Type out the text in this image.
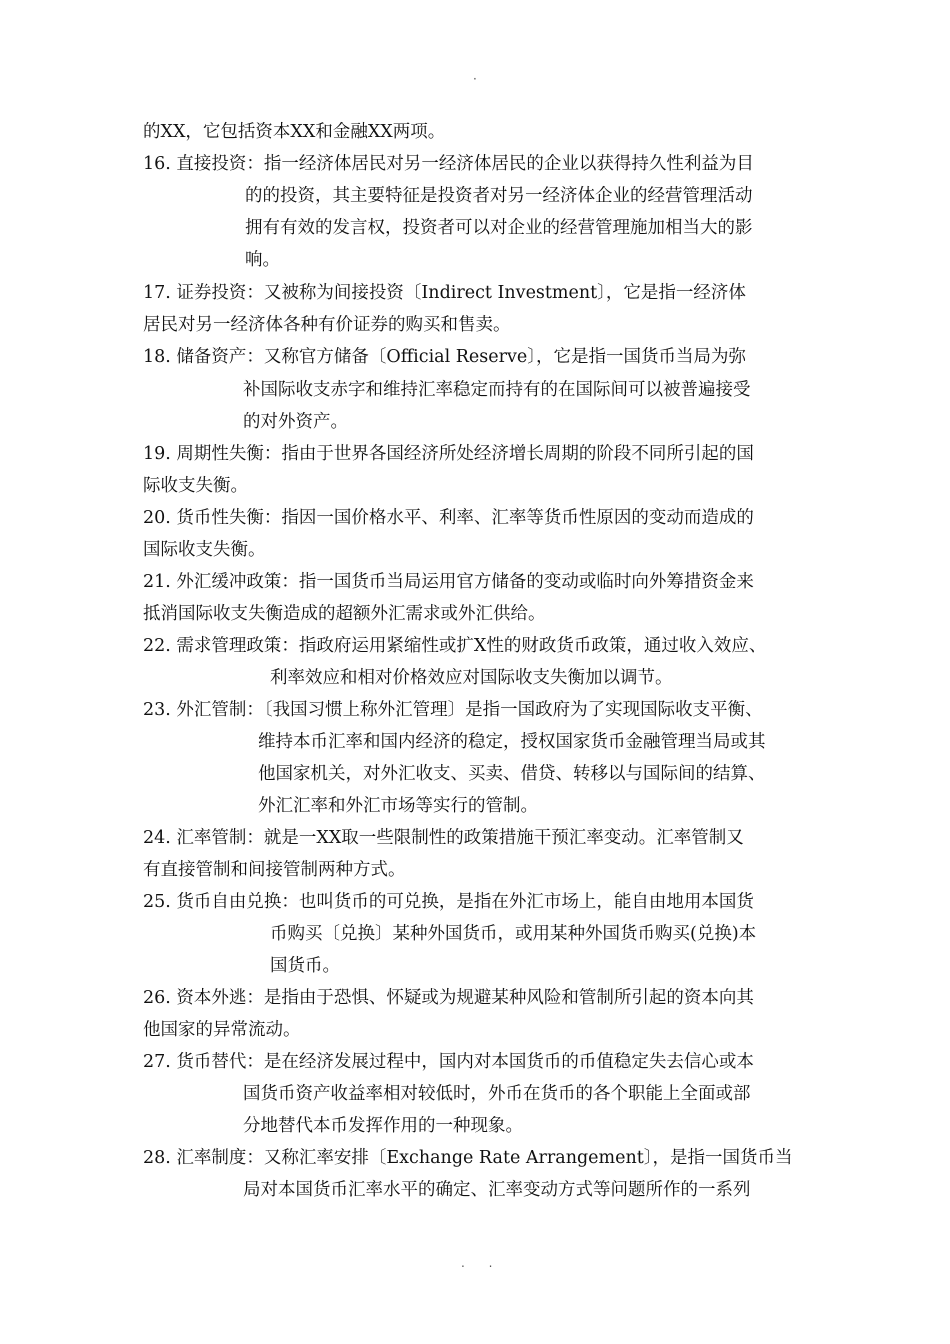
·
的XX，它包括资本XX和金融XX两项。
16. 直接投资：指一经济体居民对另一经济体居民的企业以获得持久性利益为目
的的投资，其主要特征是投资者对另一经济体企业的经营管理活动
拥有有效的发言权，投资者可以对企业的经营管理施加相当大的影
响。
17. 证券投资：又被称为间接投资〔Indirect Investment〕，它是指一经济体
居民对另一经济体各种有价证券的购买和售卖。
18. 储备资产：又称官方储备〔Official Reserve〕，它是指一国货币当局为弥
补国际收支赤字和维持汇率稳定而持有的在国际间可以被普遍接受
的对外资产。
19. 周期性失衡：指由于世界各国经济所处经济增长周期的阶段不同所引起的国
际收支失衡。
20. 货币性失衡：指因一国价格水平、利率、汇率等货币性原因的变动而造成的
国际收支失衡。
21. 外汇缓冲政策：指一国货币当局运用官方储备的变动或临时向外筹措资金来
抵消国际收支失衡造成的超额外汇需求或外汇供给。
22. 需求管理政策：指政府运用紧缩性或扩X性的财政货币政策，通过收入效应、
利率效应和相对价格效应对国际收支失衡加以调节。
23. 外汇管制：〔我国习惯上称外汇管理〕是指一国政府为了实现国际收支平衡、
维持本币汇率和国内经济的稳定，授权国家货币金融管理当局或其
他国家机关，对外汇收支、买卖、借贷、转移以与国际间的结算、
外汇汇率和外汇市场等实行的管制。
24. 汇率管制：就是一XX取一些限制性的政策措施干预汇率变动。汇率管制又
有直接管制和间接管制两种方式。
25. 货币自由兑换：也叫货币的可兑换，是指在外汇市场上，能自由地用本国货
币购买〔兑换〕某种外国货币，或用某种外国货币购买(兑换)本
国货币。
26. 资本外逃：是指由于恐惧、怀疑或为规避某种风险和管制所引起的资本向其
他国家的异常流动。
27. 货币替代：是在经济发展过程中，国内对本国货币的币值稳定失去信心或本
国货币资产收益率相对较低时，外币在货币的各个职能上全面或部
分地替代本币发挥作用的一种现象。
28. 汇率制度：又称汇率安排〔Exchange Rate Arrangement〕，是指一国货币当
局对本国货币汇率水平的确定、汇率变动方式等问题所作的一系列
. .
